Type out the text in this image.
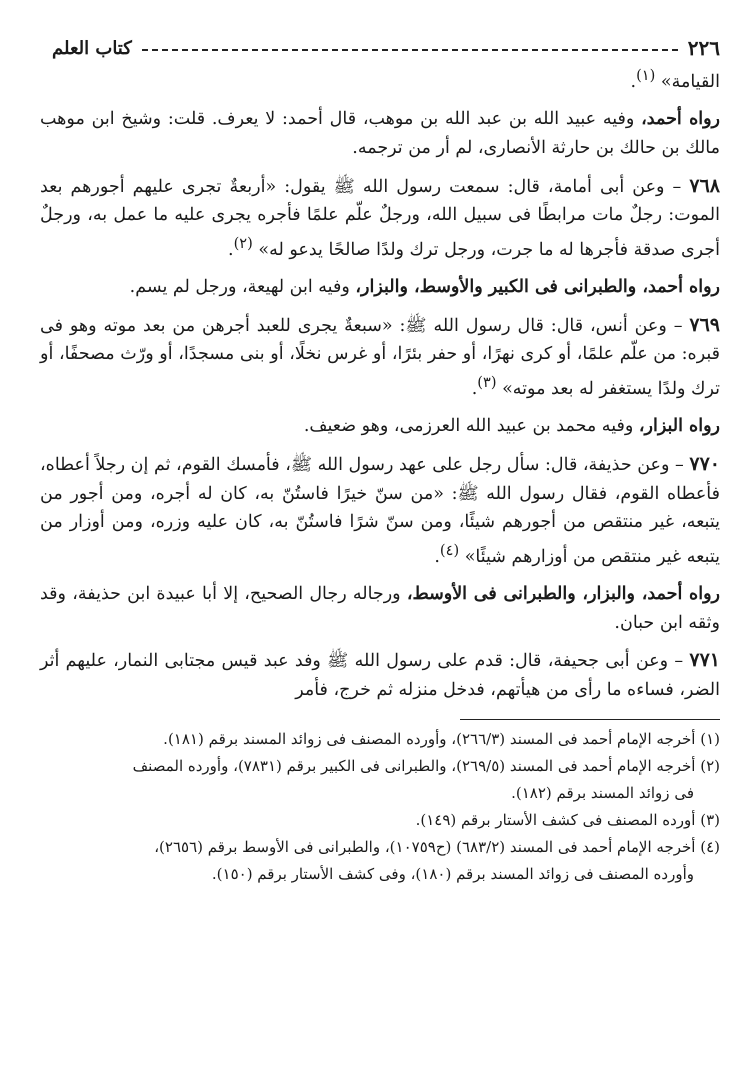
كتاب العلم	٢٢٦

القيامة» $^{(١)}$.

رواه أحمد، وفيه عبيد الله بن عبد الله بن موهب، قال أحمد: لا يعرف. قلت: وشيخ ابن موهب مالك بن حالك بن حارثة الأنصارى، لم أر من ترجمه.

٧٦٨ – وعن أبى أمامة، قال: سمعت رسول الله ﷺ يقول: «أربعةٌ تجرى عليهم أجورهم بعد الموت: رجلٌ مات مرابطًا فى سبيل الله، ورجلٌ علّم علمًا فأجره يجرى عليه ما عمل به، ورجلٌ أجرى صدقة فأجرها له ما جرت، ورجل ترك ولدًا صالحًا يدعو له» $^{(٢)}$.

رواه أحمد، والطبرانى فى الكبير والأوسط، والبزار، وفيه ابن لهيعة، ورجل لم يسم.

٧٦٩ – وعن أنس، قال: قال رسول الله ﷺ: «سبعةٌ يجرى للعبد أجرهن من بعد موته وهو فى قبره: من علّم علمًا، أو كرى نهرًا، أو حفر بئرًا، أو غرس نخلًا، أو بنى مسجدًا، أو ورّث مصحفًا، أو ترك ولدًا يستغفر له بعد موته» $^{(٣)}$.

رواه البزار، وفيه محمد بن عبيد الله العرزمى، وهو ضعيف.

٧٧٠ – وعن حذيفة، قال: سأل رجل على عهد رسول الله ﷺ، فأمسك القوم، ثم إن رجلاً أعطاه، فأعطاه القوم، فقال رسول الله ﷺ: «من سنّ خيرًا فاستُنّ به، كان له أجره، ومن أجور من يتبعه، غير منتقص من أجورهم شيئًا، ومن سنّ شرًا فاستُنّ به، كان عليه وزره، ومن أوزار من يتبعه غير منتقص من أوزارهم شيئًا» $^{(٤)}$.

رواه أحمد، والبزار، والطبرانى فى الأوسط، ورجاله رجال الصحيح، إلا أبا عبيدة ابن حذيفة، وقد وثقه ابن حبان.

٧٧١ – وعن أبى جحيفة، قال: قدم على رسول الله ﷺ وفد عبد قيس مجتابى النمار، عليهم أثر الضر، فساءه ما رأى من هيأتهم، فدخل منزله ثم خرج، فأمر

(١) أخرجه الإمام أحمد فى المسند (٢٦٦/٣)، وأورده المصنف فى زوائد المسند برقم (١٨١).

(٢) أخرجه الإمام أحمد فى المسند (٢٦٩/٥)، والطبرانى فى الكبير برقم (٧٨٣١)، وأورده المصنف

فى زوائد المسند برقم (١٨٢).

(٣) أورده المصنف فى كشف الأستار برقم (١٤٩).

(٤) أخرجه الإمام أحمد فى المسند (٦٨٣/٢) (ح١٠٧٥٩)، والطبرانى فى الأوسط برقم (٢٦٥٦)،

وأورده المصنف فى زوائد المسند برقم (١٨٠)، وفى كشف الأستار برقم (١٥٠).
